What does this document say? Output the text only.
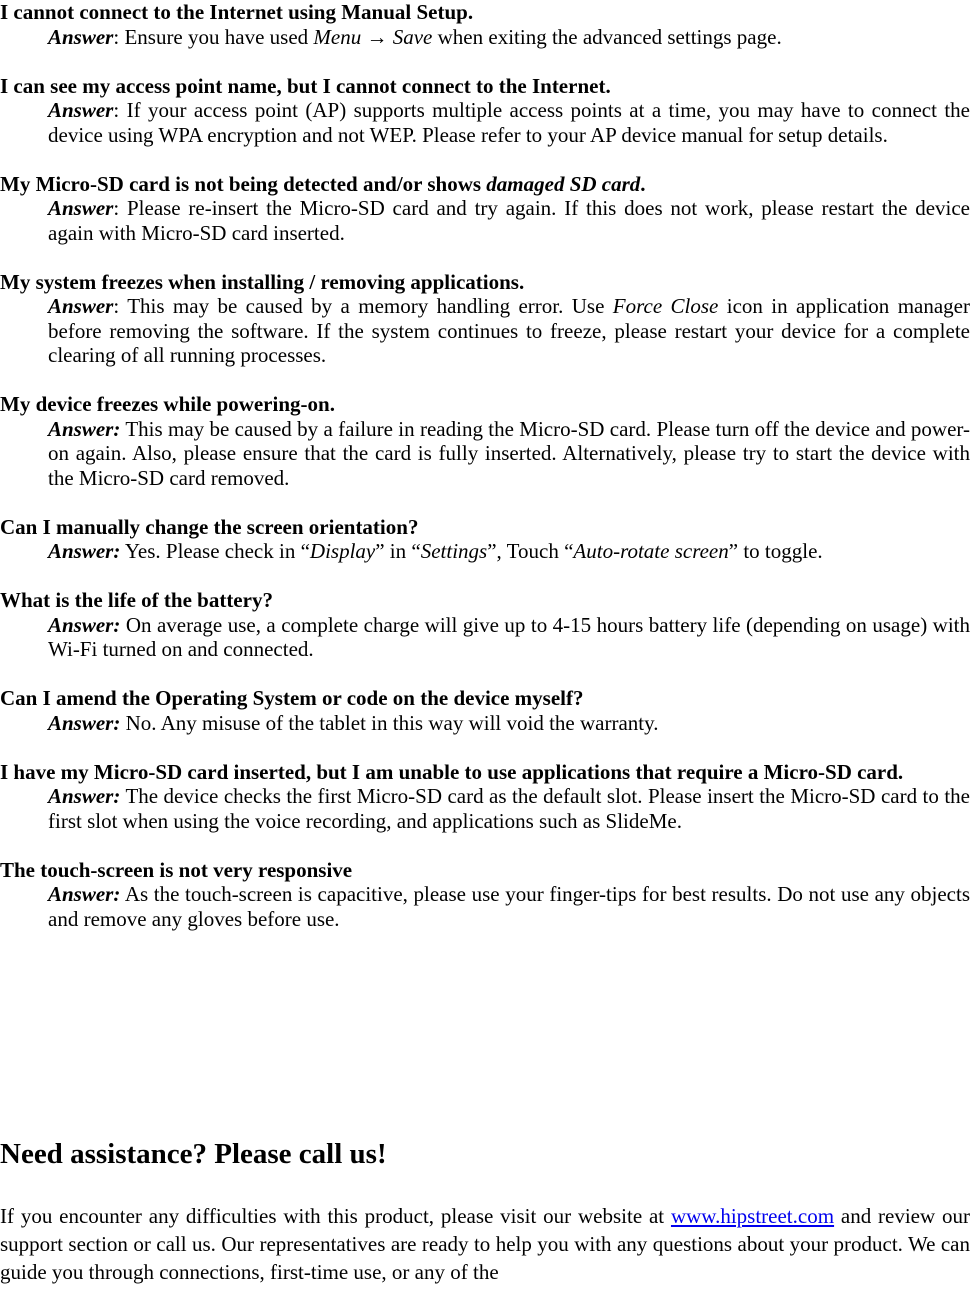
I cannot connect to the Internet using Manual Setup.
Answer: Ensure you have used Menu → Save when exiting the advanced settings page.
I can see my access point name, but I cannot connect to the Internet.
Answer: If your access point (AP) supports multiple access points at a time, you may have to connect the device using WPA encryption and not WEP. Please refer to your AP device manual for setup details.
My Micro-SD card is not being detected and/or shows damaged SD card.
Answer: Please re-insert the Micro-SD card and try again. If this does not work, please restart the device again with Micro-SD card inserted.
My system freezes when installing / removing applications.
Answer: This may be caused by a memory handling error. Use Force Close icon in application manager before removing the software. If the system continues to freeze, please restart your device for a complete clearing of all running processes.
My device freezes while powering-on.
Answer: This may be caused by a failure in reading the Micro-SD card. Please turn off the device and power-on again. Also, please ensure that the card is fully inserted. Alternatively, please try to start the device with the Micro-SD card removed.
Can I manually change the screen orientation?
Answer: Yes. Please check in “Display” in “Settings”, Touch “Auto-rotate screen” to toggle.
What is the life of the battery?
Answer: On average use, a complete charge will give up to 4-15 hours battery life (depending on usage) with Wi-Fi turned on and connected.
Can I amend the Operating System or code on the device myself?
Answer: No. Any misuse of the tablet in this way will void the warranty.
I have my Micro-SD card inserted, but I am unable to use applications that require a Micro-SD card.
Answer: The device checks the first Micro-SD card as the default slot. Please insert the Micro-SD card to the first slot when using the voice recording, and applications such as SlideMe.
The touch-screen is not very responsive
Answer: As the touch-screen is capacitive, please use your finger-tips for best results. Do not use any objects and remove any gloves before use.
Need assistance? Please call us!

If you encounter any difficulties with this product, please visit our website at www.hipstreet.com and review our support section or call us. Our representatives are ready to help you with any questions about your product. We can guide you through connections, first-time use, or any of the
